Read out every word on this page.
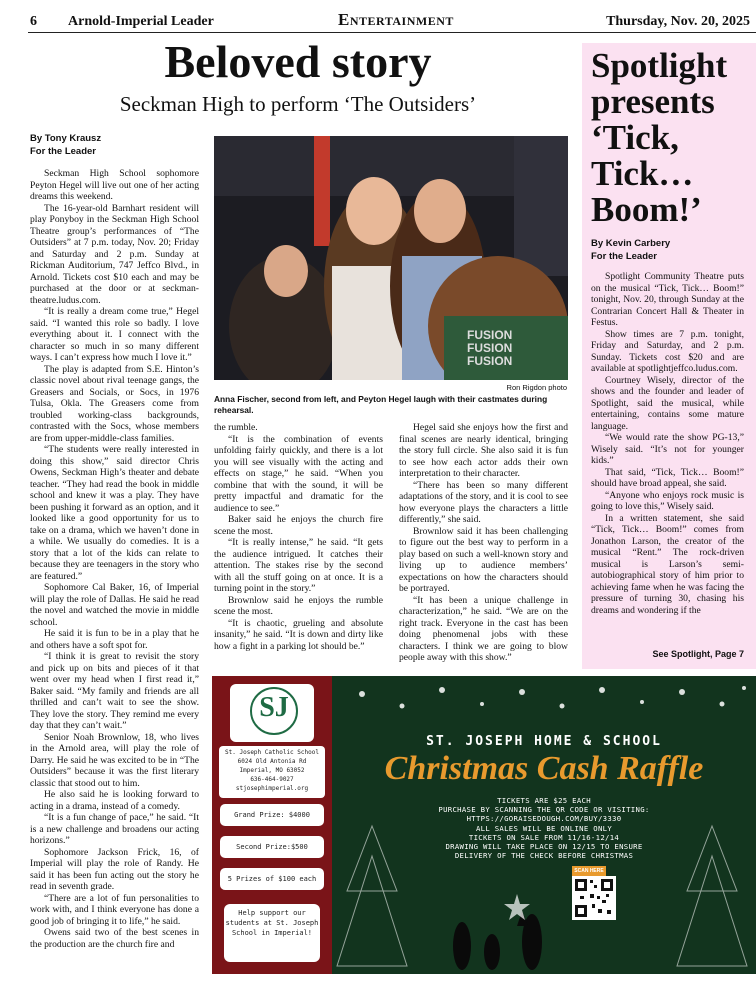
6 Arnold-Imperial Leader	Entertainment	Thursday, Nov. 20, 2025
Beloved story
Seckman High to perform ‘The Outsiders’
By Tony Krausz
For the Leader

Seckman High School sophomore Peyton Hegel will live out one of her acting dreams this weekend.

The 16-year-old Barnhart resident will play Ponyboy in the Seckman High School Theatre group’s performances of “The Outsiders” at 7 p.m. today, Nov. 20; Friday and Saturday and 2 p.m. Sunday at Rickman Auditorium, 747 Jeffco Blvd., in Arnold. Tickets cost $10 each and may be purchased at the door or at seckman-theatre.ludus.com.

“It is really a dream come true,” Hegel said. “I wanted this role so badly. I love everything about it. I connect with the character so much in so many different ways. I can’t express how much I love it.”

The play is adapted from S.E. Hinton’s classic novel about rival teenage gangs, the Greasers and Socials, or Socs, in 1976 Tulsa, Okla. The Greasers come from troubled working-class backgrounds, contrasted with the Socs, whose members are from upper-middle-class families.

“The students were really interested in doing this show,” said director Chris Owens, Seckman High’s theater and debate teacher. “They had read the book in middle school and knew it was a play. They have been pushing it forward as an option, and it looked like a good opportunity for us to take on a drama, which we haven’t done in a while. We usually do comedies. It is a story that a lot of the kids can relate to because they are teenagers in the story who are featured.”

Sophomore Cal Baker, 16, of Imperial will play the role of Dallas. He said he read the novel and watched the movie in middle school.

He said it is fun to be in a play that he and others have a soft spot for.

“I think it is great to revisit the story and pick up on bits and pieces of it that went over my head when I first read it,” Baker said. “My family and friends are all thrilled and can’t wait to see the show. They love the story. They remind me every day that they can’t wait.”

Senior Noah Brownlow, 18, who lives in the Arnold area, will play the role of Darry. He said he was excited to be in “The Outsiders” because it was the first literary classic that stood out to him.

He also said he is looking forward to acting in a drama, instead of a comedy.

“It is a fun change of pace,” he said. “It is a new challenge and broadens our acting horizons.”

Sophomore Jackson Frick, 16, of Imperial will play the role of Randy. He said it has been fun acting out the story he read in seventh grade.

“There are a lot of fun personalities to work with, and I think everyone has done a good job of bringing it to life,” he said.

Owens said two of the best scenes in the production are the church fire and

FUSION
FUSION
FUSION
Ron Rigdon photo
Anna Fischer, second from left, and Peyton Hegel laugh with their castmates during rehearsal.

the rumble.

“It is the combination of events unfolding fairly quickly, and there is a lot you will see visually with the acting and effects on stage,” he said. “When you combine that with the sound, it will be pretty impactful and dramatic for the audience to see.”

Baker said he enjoys the church fire scene the most.

“It is really intense,” he said. “It gets the audience intrigued. It catches their attention. The stakes rise by the second with all the stuff going on at once. It is a turning point in the story.”

Brownlow said he enjoys the rumble scene the most.

“It is chaotic, grueling and absolute insanity,” he said. “It is down and dirty like how a fight in a parking lot should be.”

Hegel said she enjoys how the first and final scenes are nearly identical, bringing the story full circle. She also said it is fun to see how each actor adds their own interpretation to their character.

“There has been so many different adaptations of the story, and it is cool to see how everyone plays the characters a little differently,” she said.

Brownlow said it has been challenging to figure out the best way to perform in a play based on such a well-known story and living up to audience members’ expectations on how the characters should be portrayed.

“It has been a unique challenge in characterization,” he said. “We are on the right track. Everyone in the cast has been doing phenomenal jobs with these characters. I think we are going to blow people away with this show.”

Spotlight presents ‘Tick, Tick… Boom!’
By Kevin Carbery
For the Leader

Spotlight Community Theatre puts on the musical “Tick, Tick… Boom!” tonight, Nov. 20, through Sunday at the Contrarian Concert Hall & Theater in Festus.

Show times are 7 p.m. tonight, Friday and Saturday, and 2 p.m. Sunday. Tickets cost $20 and are available at spotlightjeffco.ludus.com.

Courtney Wisely, director of the shows and the founder and leader of Spotlight, said the musical, while entertaining, contains some mature language.

“We would rate the show PG-13,” Wisely said. “It’s not for younger kids.”

That said, “Tick, Tick… Boom!” should have broad appeal, she said.

“Anyone who enjoys rock music is going to love this,” Wisely said.

In a written statement, she said “Tick, Tick… Boom!” comes from Jonathon Larson, the creator of the musical “Rent.” The rock-driven musical is Larson’s semi-autobiographical story of him prior to achieving fame when he was facing the pressure of turning 30, chasing his dreams and wondering if the

See Spotlight, Page 7
SJ
St. Joseph Catholic School
6024 Old Antonia Rd
Imperial, MO 63052
636-464-9027
stjosephimperial.org
Grand Prize: $4000
Second Prize:$500
5 Prizes of $100 each
Help support our students at St. Joseph School in Imperial!
ST. JOSEPH HOME & SCHOOL
Christmas Cash Raffle
TICKETS ARE $25 EACH
PURCHASE BY SCANNING THE QR CODE OR VISITING:
HTTPS://GORAISEDOUGH.COM/BUY/3330
ALL SALES WILL BE ONLINE ONLY
TICKETS ON SALE FROM 11/16-12/14
DRAWING WILL TAKE PLACE ON 12/15 TO ENSURE
DELIVERY OF THE CHECK BEFORE CHRISTMAS
SCAN HERE
